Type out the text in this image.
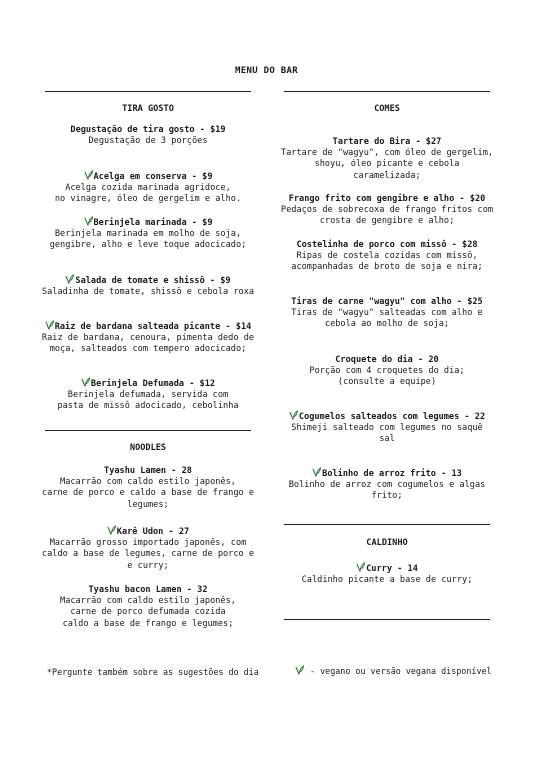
MENU DO BAR
TIRA GOSTO
Degustação de tira gosto - $19
Degustação de 3 porções
Acelga em conserva - $9
Acelga cozida marinada agridoce,
no vinagre, óleo de gergelim e alho.
Berinjela marinada - $9
Berinjela marinada em molho de soja,
gengibre, alho e leve toque adocicado;
Salada de tomate e shissô - $9
Saladinha de tomate, shissô e cebola roxa
Raiz de bardana salteada picante - $14
Raiz de bardana, cenoura, pimenta dedo de
moça, salteados com tempero adocicado;
Berinjela Defumada - $12
Berinjela defumada, servida com
pasta de missô adocicado, cebolinha
NOODLES
Tyashu Lamen - 28
Macarrão com caldo estilo japonês,
carne de porco e caldo a base de frango e
legumes;
Karê Udon - 27
Macarrão grosso importado japonês, com
caldo a base de legumes, carne de porco e
e curry;
Tyashu bacon Lamen - 32
Macarrão com caldo estilo japonês,
carne de porco defumada cozida
caldo a base de frango e legumes;
*Pergunte também sobre as sugestões do dia
COMES
Tartare do Bira - $27
Tartare de "wagyu", com óleo de gergelim,
shoyu, óleo picante e cebola caramelizada;
Frango frito com gengibre e alho - $20
Pedaços de sobrecoxa de frango fritos com
crosta de gengibre e alho;
Costelinha de porco com missô - $28
Ripas de costela cozidas com missô,
acompanhadas de broto de soja e nira;
Tiras de carne "wagyu" com alho - $25
Tiras de "wagyu" salteadas com alho e
cebola ao molho de soja;
Croquete do dia - 20
Porção com 4 croquetes do dia;
(consulte a equipe)
Cogumelos salteados com legumes - 22
Shimeji salteado com legumes no saquê
sal
Bolinho de arroz frito - 13
Bolinho de arroz com cogumelos e algas
frito;
CALDINHO
Curry - 14
Caldinho picante a base de curry;
- vegano ou versão vegana disponível
